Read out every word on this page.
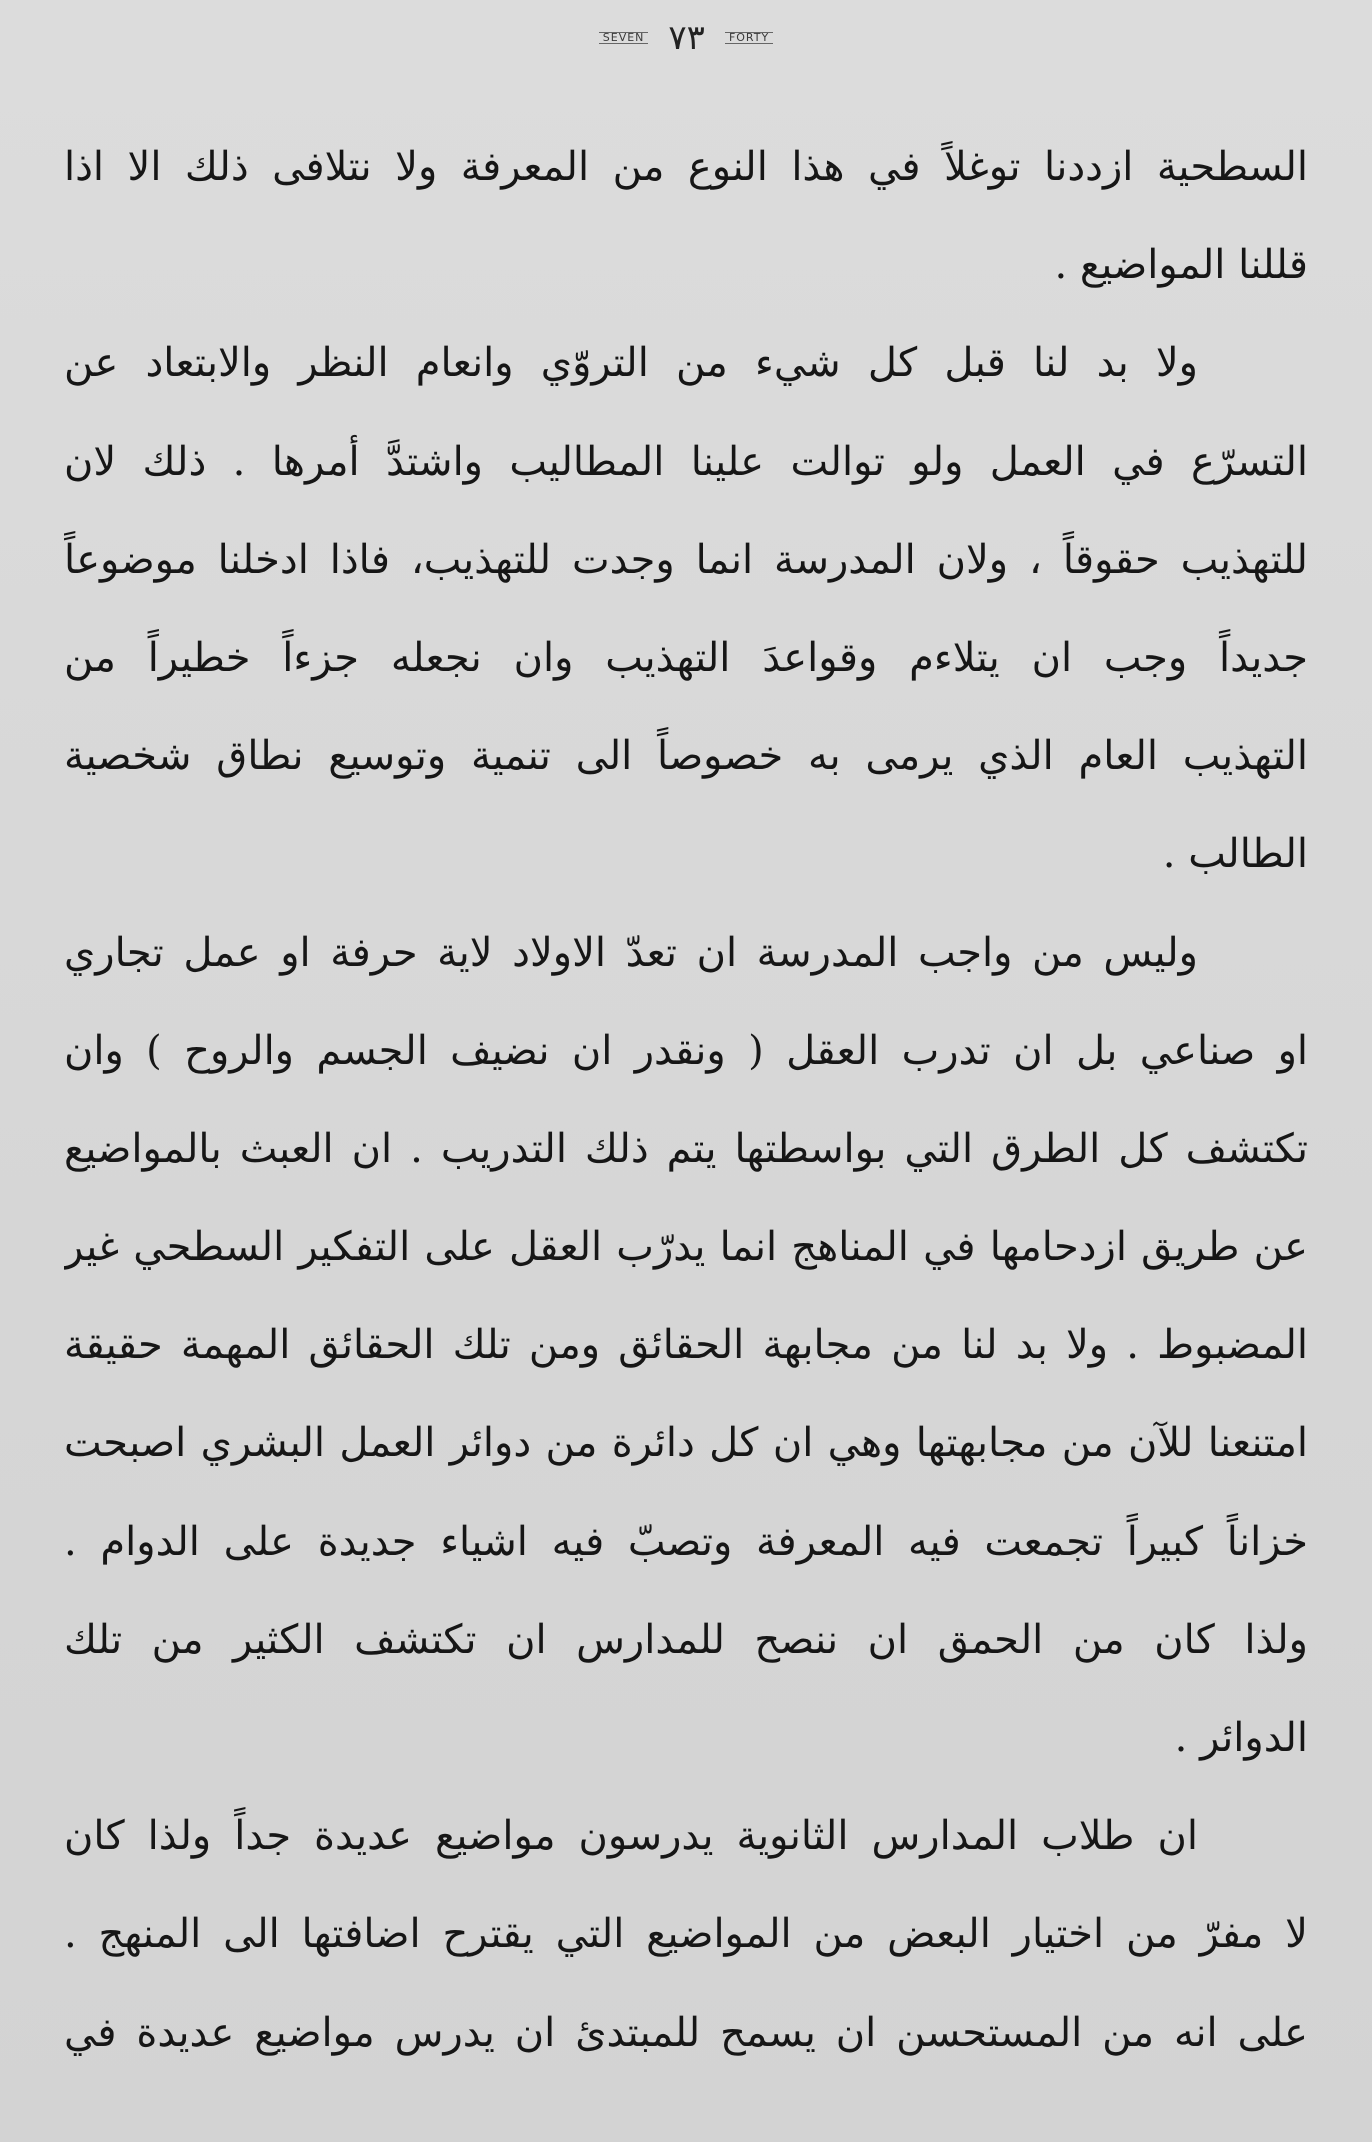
SEVEN ٧٣	FORTY
السطحية ازددنا توغلاً في هذا النوع من المعرفة ولا نتلافى ذلك الا اذا
قللنا المواضيع .
ولا بد لنا قبل كل شيء من التروّي وانعام النظر والابتعاد عن
التسرّع في العمل ولو توالت علينا المطاليب واشتدَّ أمرها . ذلك لان
للتهذيب حقوقاً ، ولان المدرسة انما وجدت للتهذيب، فاذا ادخلنا موضوعاً
جديداً وجب ان يتلاءم وقواعدَ التهذيب وان نجعله جزءاً خطيراً من
التهذيب العام الذي يرمى به خصوصاً الى تنمية وتوسيع نطاق شخصية
الطالب .
وليس من واجب المدرسة ان تعدّ الاولاد لاية حرفة او عمل تجاري
او صناعي بل ان تدرب العقل ( ونقدر ان نضيف الجسم والروح ) وان
تكتشف كل الطرق التي بواسطتها يتم ذلك التدريب . ان العبث بالمواضيع
عن طريق ازدحامها في المناهج انما يدرّب العقل على التفكير السطحي غير
المضبوط . ولا بد لنا من مجابهة الحقائق ومن تلك الحقائق المهمة حقيقة
امتنعنا للآن من مجابهتها وهي ان كل دائرة من دوائر العمل البشري اصبحت
خزاناً كبيراً تجمعت فيه المعرفة وتصبّ فيه اشياء جديدة على الدوام .
ولذا كان من الحمق ان ننصح للمدارس ان تكتشف الكثير من تلك
الدوائر .
ان طلاب المدارس الثانوية يدرسون مواضيع عديدة جداً ولذا كان
لا مفرّ من اختيار البعض من المواضيع التي يقترح اضافتها الى المنهج .
على انه من المستحسن ان يسمح للمبتدئ ان يدرس مواضيع عديدة في
